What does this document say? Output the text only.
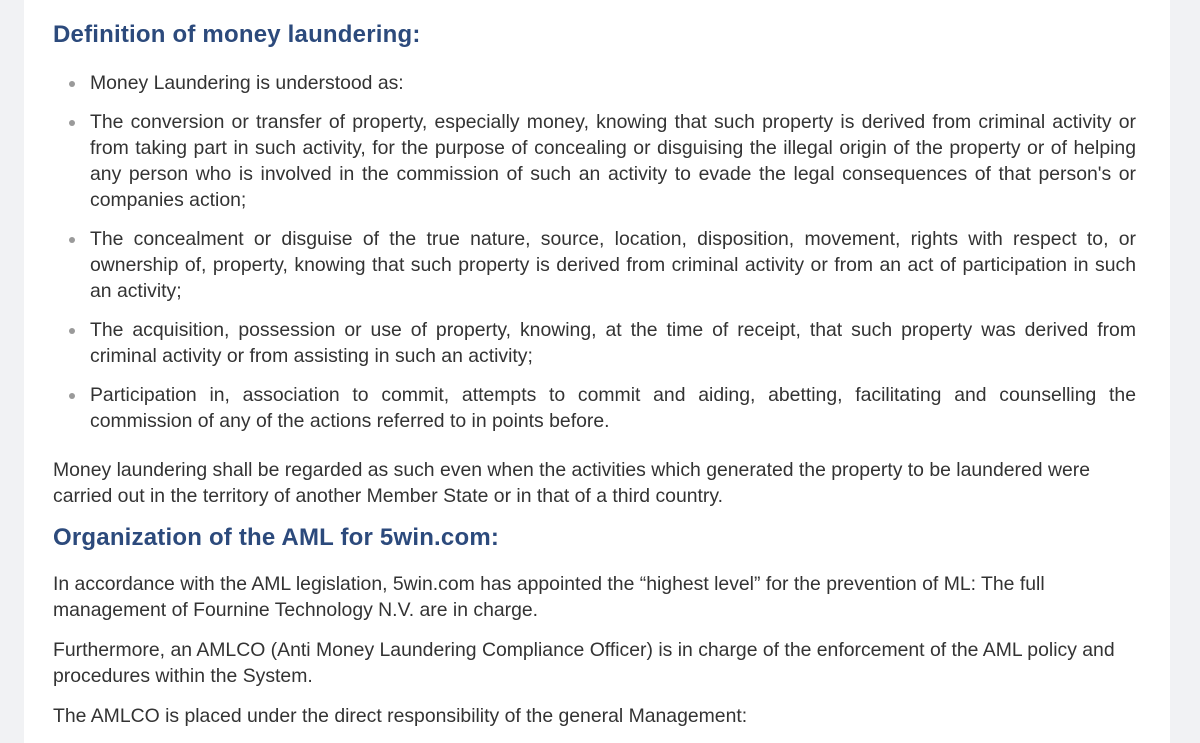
Definition of money laundering:
Money Laundering is understood as:
The conversion or transfer of property, especially money, knowing that such property is derived from criminal activity or from taking part in such activity, for the purpose of concealing or disguising the illegal origin of the property or of helping any person who is involved in the commission of such an activity to evade the legal consequences of that person's or companies action;
The concealment or disguise of the true nature, source, location, disposition, movement, rights with respect to, or ownership of, property, knowing that such property is derived from criminal activity or from an act of participation in such an activity;
The acquisition, possession or use of property, knowing, at the time of receipt, that such property was derived from criminal activity or from assisting in such an activity;
Participation in, association to commit, attempts to commit and aiding, abetting, facilitating and counselling the commission of any of the actions referred to in points before.

Money laundering shall be regarded as such even when the activities which generated the property to be laundered were carried out in the territory of another Member State or in that of a third country.

Organization of the AML for 5win.com:

In accordance with the AML legislation, 5win.com has appointed the “highest level” for the prevention of ML: The full management of Fournine Technology N.V. are in charge.

Furthermore, an AMLCO (Anti Money Laundering Compliance Officer) is in charge of the enforcement of the AML policy and procedures within the System.

The AMLCO is placed under the direct responsibility of the general Management:
